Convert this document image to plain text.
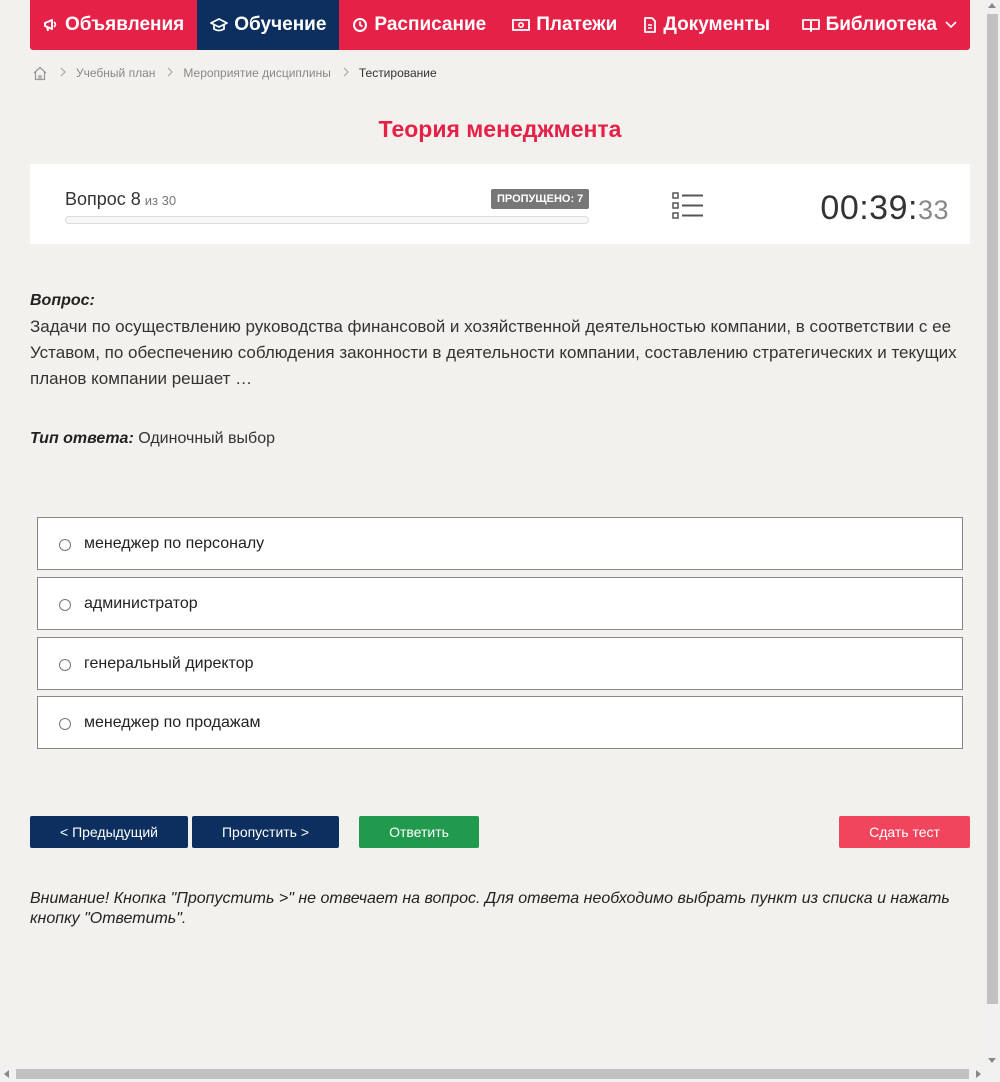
Объявления	Обучение	Расписание	Платежи Документы	Библиотека
Учебный план Мероприятие дисциплины Тестирование
Теория менеджмента
Вопрос 8 из 30	ПРОПУЩЕНО: 7	00:39:33
Вопрос:
Задачи по осуществлению руководства финансовой и хозяйственной деятельностью компании, в соответствии с ее Уставом, по обеспечению соблюдения законности в деятельности компании, составлению стратегических и текущих планов компании решает …
Тип ответа: Одиночный выбор
менеджер по персоналу
администратор
генеральный директор
менеджер по продажам
< Предыдущий	Пропустить >	Ответить	Сдать тест
Внимание! Кнопка "Пропустить >" не отвечает на вопрос. Для ответа необходимо выбрать пункт из списка и нажать кнопку "Ответить".
